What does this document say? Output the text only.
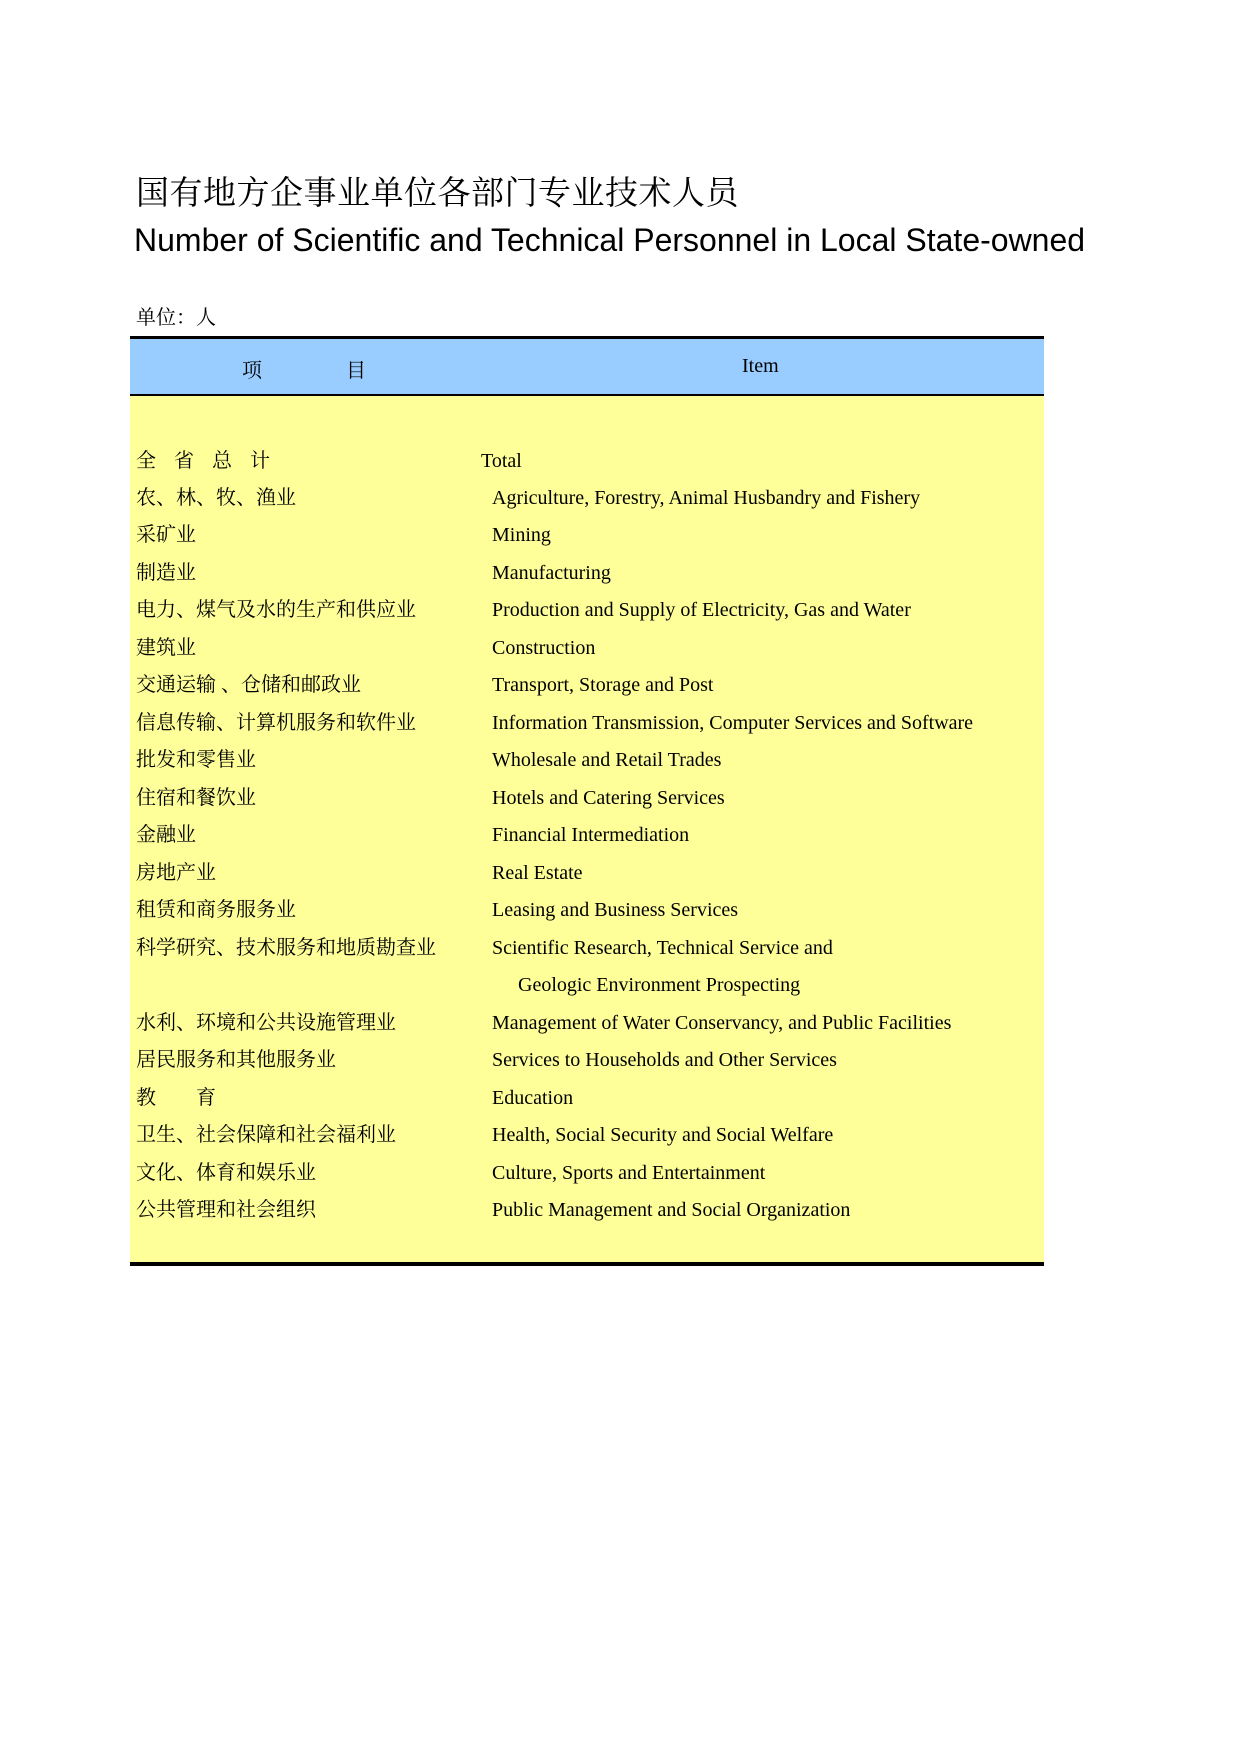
国有地方企事业单位各部门专业技术人员
Number of Scientific and Technical Personnel in Local State-owned
单位：人
项	目	Item
全省总计	Total
农、林、牧、渔业	Agriculture, Forestry, Animal Husbandry and Fishery
采矿业	Mining
制造业	Manufacturing
电力、煤气及水的生产和供应业	Production and Supply of Electricity, Gas and Water
建筑业	Construction
交通运输 、仓储和邮政业	Transport, Storage and Post
信息传输、计算机服务和软件业	Information Transmission, Computer Services and Software
批发和零售业	Wholesale and Retail Trades
住宿和餐饮业	Hotels and Catering Services
金融业	Financial Intermediation
房地产业	Real Estate
租赁和商务服务业	Leasing and Business Services
科学研究、技术服务和地质勘查业	Scientific Research, Technical Service and
Geologic Environment Prospecting
水利、环境和公共设施管理业	Management of Water Conservancy, and Public Facilities
居民服务和其他服务业	Services to Households and Other Services
教育	Education
卫生、社会保障和社会福利业	Health, Social Security and Social Welfare
文化、体育和娱乐业	Culture, Sports and Entertainment
公共管理和社会组织	Public Management and Social Organization
